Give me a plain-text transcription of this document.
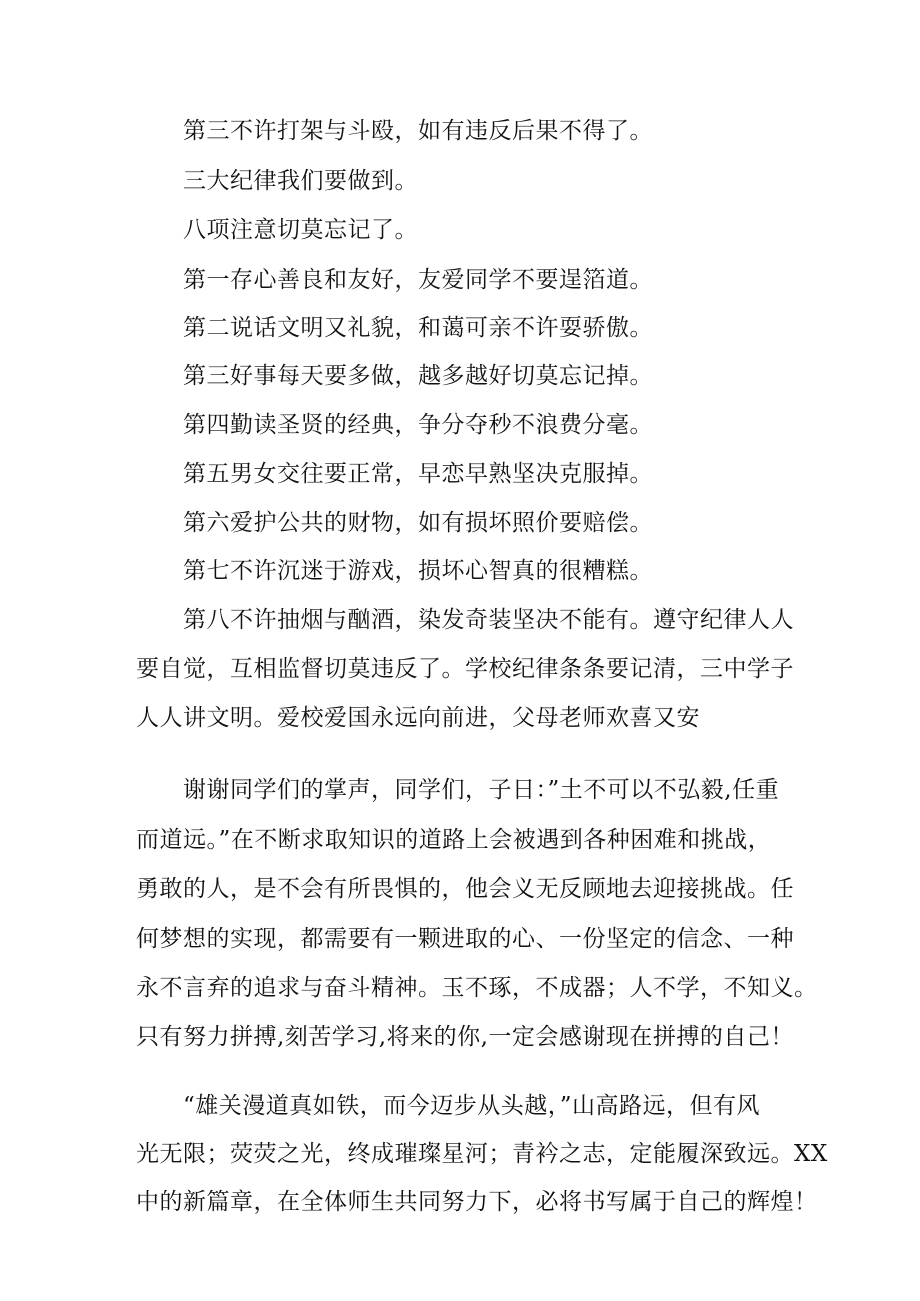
第三不许打架与斗殴，如有违反后果不得了。

三大纪律我们要做到。

八项注意切莫忘记了。

第一存心善良和友好，友爱同学不要逞箔道。

第二说话文明又礼貌，和蔼可亲不许耍骄傲。

第三好事每天要多做，越多越好切莫忘记掉。

第四勤读圣贤的经典，争分夺秒不浪费分毫。

第五男女交往要正常，早恋早熟坚决克服掉。

第六爱护公共的财物，如有损坏照价要赔偿。

第七不许沉迷于游戏，损坏心智真的很糟糕。

第八不许抽烟与酗酒，染发奇装坚决不能有。遵守纪律人人

要自觉，互相监督切莫违反了。学校纪律条条要记清，三中学子

人人讲文明。爱校爱国永远向前进，父母老师欢喜又安

谢谢同学们的掌声，同学们，子日：”土不可以不弘毅,任重

而道远。”在不断求取知识的道路上会被遇到各种困难和挑战，

勇敢的人，是不会有所畏惧的，他会义无反顾地去迎接挑战。任

何梦想的实现，都需要有一颗进取的心、一份坚定的信念、一种

永不言弃的追求与奋斗精神。玉不琢，不成器；人不学，不知义。

只有努力拼搏,刻苦学习,将来的你,一定会感谢现在拼搏的自己！

“雄关漫道真如铁，而今迈步从头越，”山高路远，但有风

光无限；荧荧之光，终成璀璨星河；青衿之志，定能履深致远。XX

中的新篇章，在全体师生共同努力下，必将书写属于自己的辉煌！
